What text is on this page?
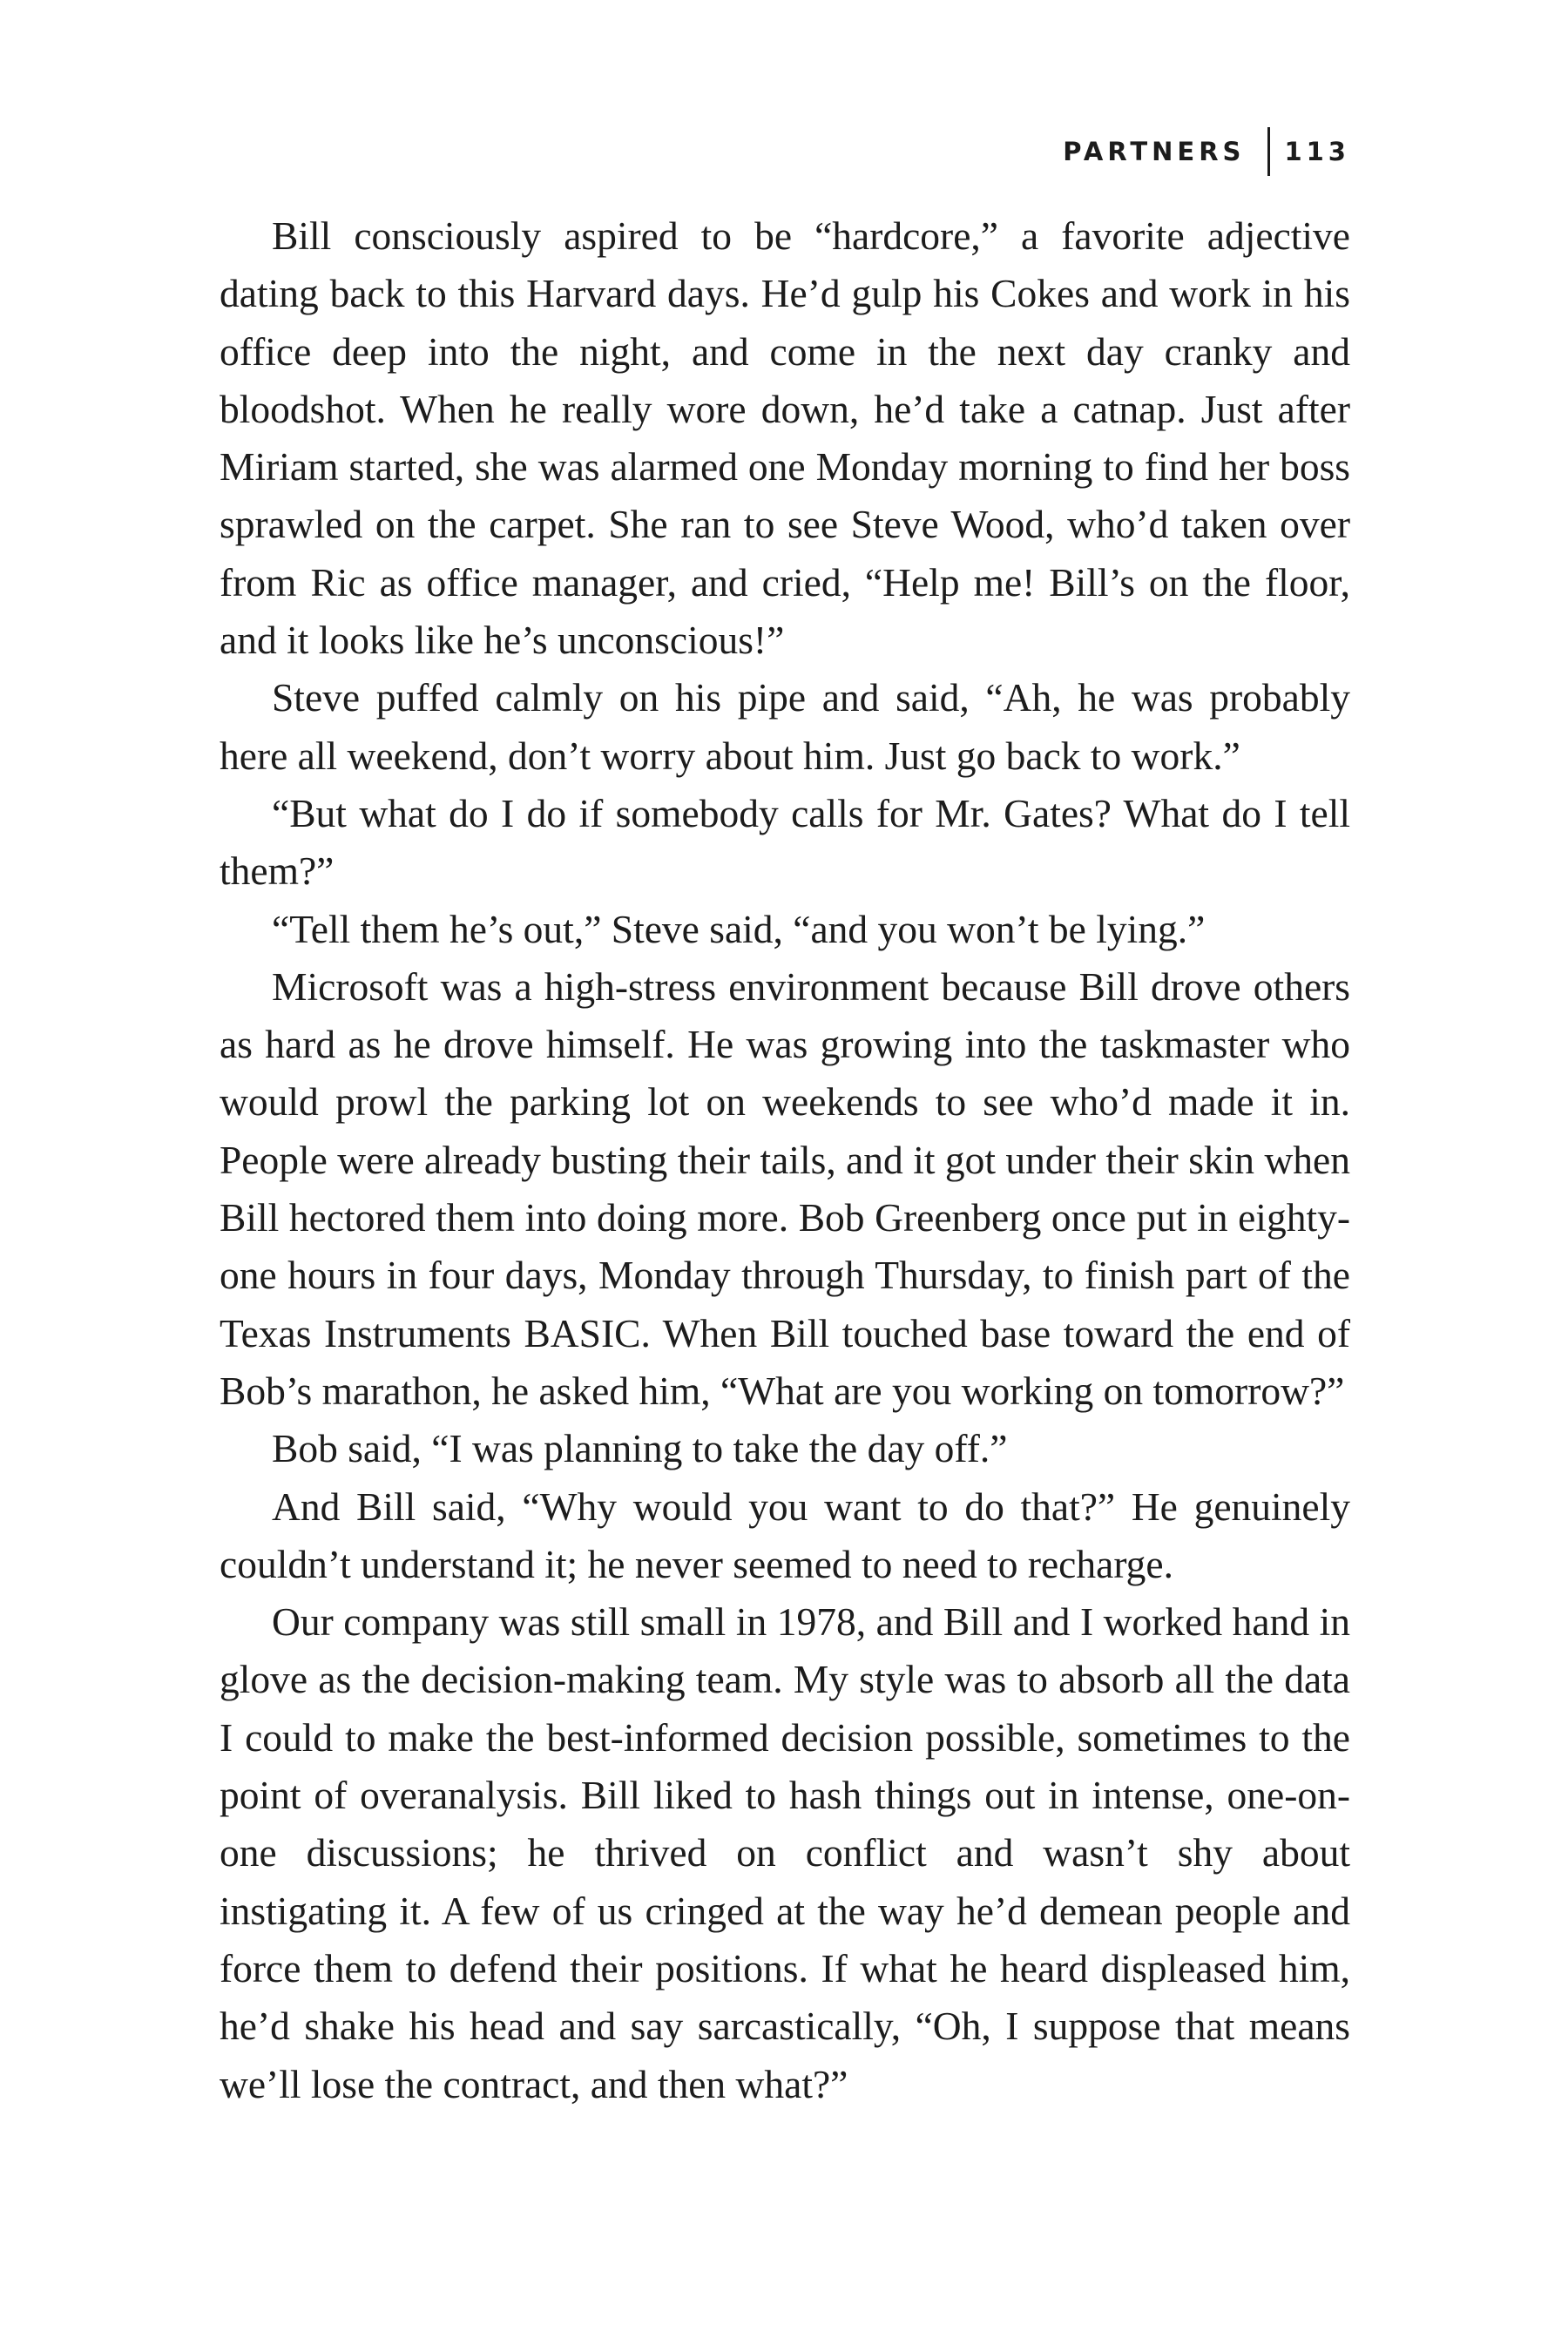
PARTNERS	113

Bill consciously aspired to be “hardcore,” a favorite adjective dating back to this Harvard days. He’d gulp his Cokes and work in his office deep into the night, and come in the next day cranky and bloodshot. When he really wore down, he’d take a catnap. Just after Miriam started, she was alarmed one Monday morning to find her boss sprawled on the carpet. She ran to see Steve Wood, who’d taken over from Ric as office manager, and cried, “Help me! Bill’s on the floor, and it looks like he’s unconscious!”

Steve puffed calmly on his pipe and said, “Ah, he was probably here all weekend, don’t worry about him. Just go back to work.”

“But what do I do if somebody calls for Mr. Gates? What do I tell them?”

“Tell them he’s out,” Steve said, “and you won’t be lying.”

Microsoft was a high-stress environment because Bill drove others as hard as he drove himself. He was growing into the taskmaster who would prowl the parking lot on weekends to see who’d made it in. People were already busting their tails, and it got under their skin when Bill hectored them into doing more. Bob Greenberg once put in eighty-one hours in four days, Monday through Thursday, to finish part of the Texas Instruments BASIC. When Bill touched base toward the end of Bob’s marathon, he asked him, “What are you working on tomorrow?”

Bob said, “I was planning to take the day off.”

And Bill said, “Why would you want to do that?” He genuinely couldn’t understand it; he never seemed to need to recharge.

Our company was still small in 1978, and Bill and I worked hand in glove as the decision-making team. My style was to absorb all the data I could to make the best-informed decision possible, sometimes to the point of overanalysis. Bill liked to hash things out in intense, one-on-one discussions; he thrived on conflict and wasn’t shy about instigating it. A few of us cringed at the way he’d demean people and force them to defend their positions. If what he heard displeased him, he’d shake his head and say sarcastically, “Oh, I suppose that means we’ll lose the contract, and then what?”
